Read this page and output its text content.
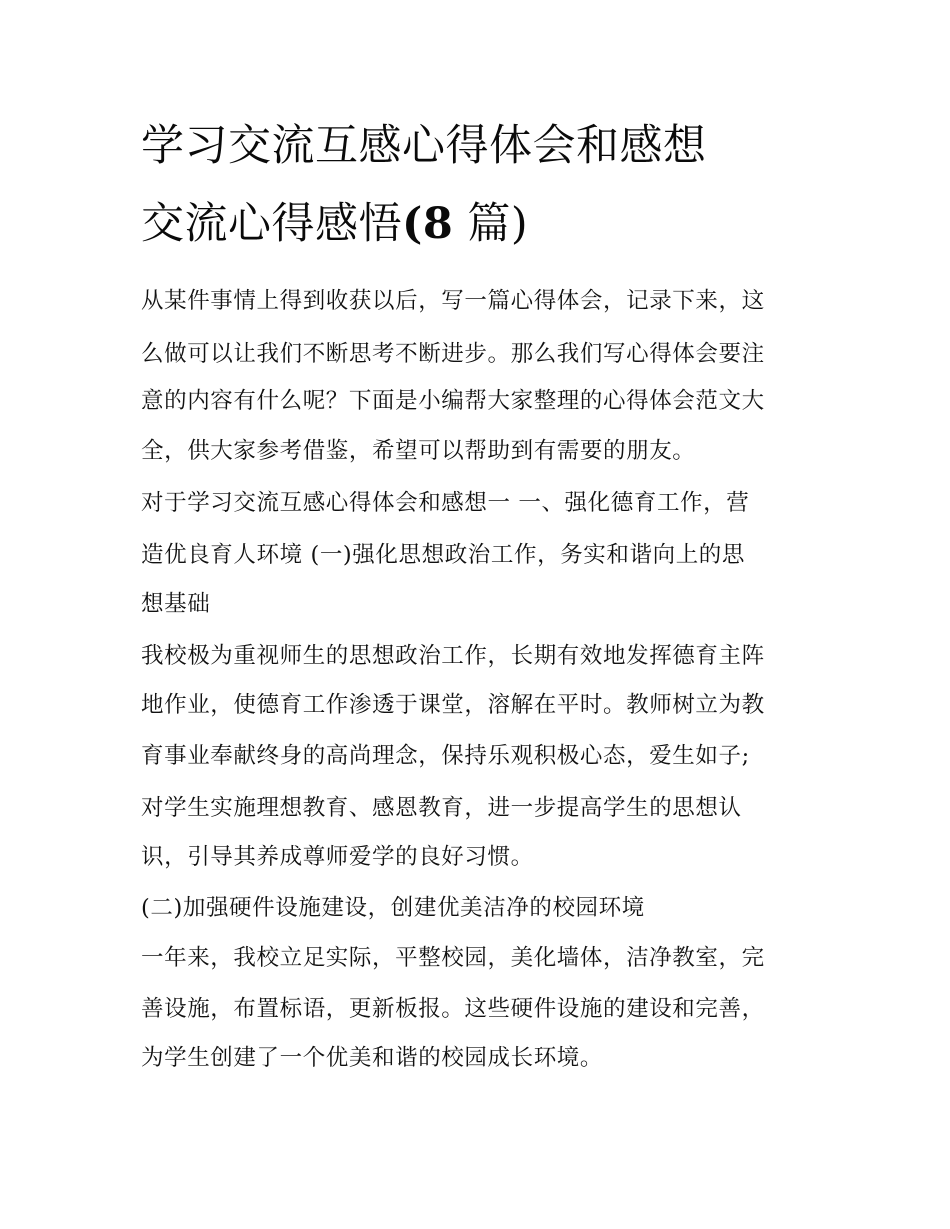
学习交流互感心得体会和感想
交流心得感悟(8 篇)
从某件事情上得到收获以后，写一篇心得体会，记录下来，这
么做可以让我们不断思考不断进步。那么我们写心得体会要注
意的内容有什么呢？下面是小编帮大家整理的心得体会范文大
全，供大家参考借鉴，希望可以帮助到有需要的朋友。
对于学习交流互感心得体会和感想一 一、强化德育工作，营
造优良育人环境 (一)强化思想政治工作，务实和谐向上的思
想基础
我校极为重视师生的思想政治工作，长期有效地发挥德育主阵
地作业，使德育工作渗透于课堂，溶解在平时。教师树立为教
育事业奉献终身的高尚理念，保持乐观积极心态，爱生如子;
对学生实施理想教育、感恩教育，进一步提高学生的思想认
识，引导其养成尊师爱学的良好习惯。
(二)加强硬件设施建设，创建优美洁净的校园环境
一年来，我校立足实际，平整校园，美化墙体，洁净教室，完
善设施，布置标语，更新板报。这些硬件设施的建设和完善，
为学生创建了一个优美和谐的校园成长环境。
